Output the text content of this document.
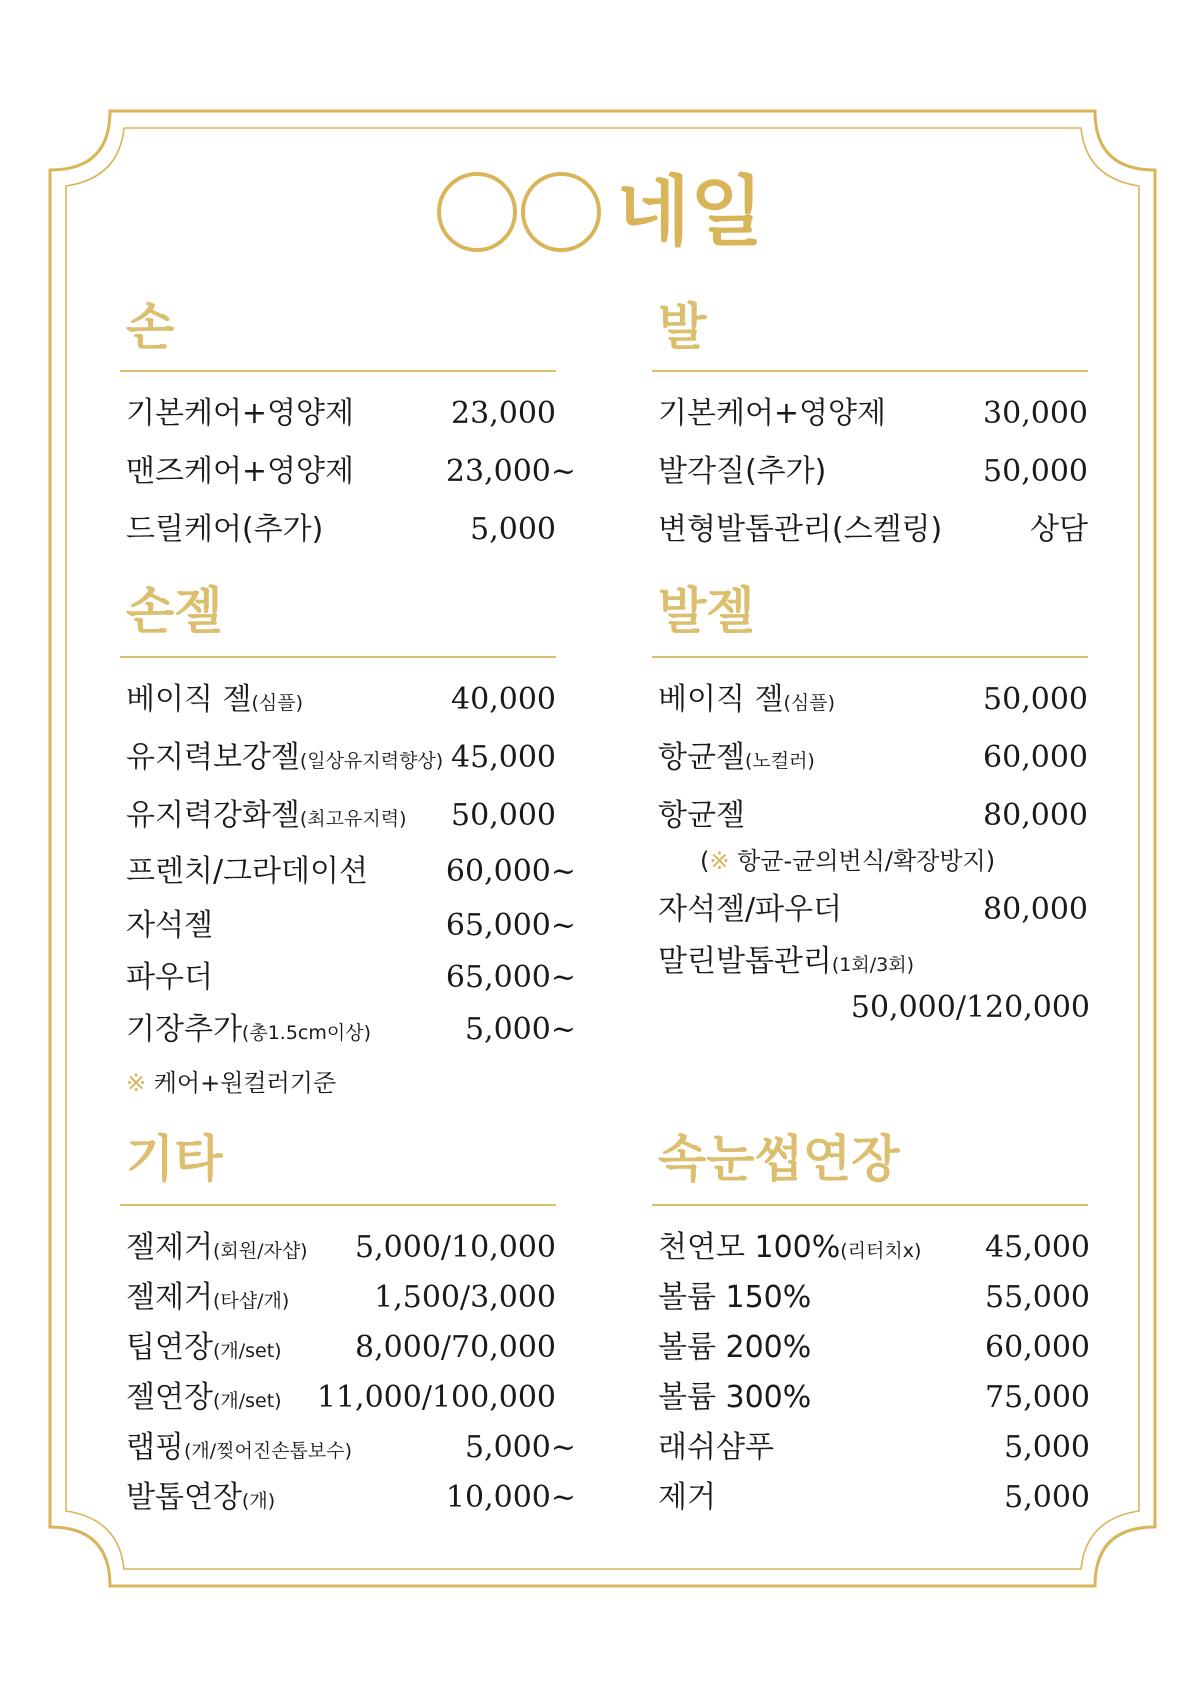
네일
손
기본케어+영양제	23,000
맨즈케어+영양제	23,000~
드릴케어(추가)	5,000
발
기본케어+영양제	30,000
발각질(추가)	50,000
변형발톱관리(스켈링)	상담
손젤
베이직 젤(심플)	40,000
유지력보강젤(일상유지력향상) 45,000
유지력강화젤(최고유지력) 50,000
프렌치/그라데이션	60,000~
자석젤	65,000~
파우더	65,000~
기장추가(총1.5cm이상)	5,000~
※ 케어+원컬러기준
발젤
베이직 젤(심플)	50,000
항균젤(노컬러)	60,000
항균젤	80,000
(※ 항균-균의번식/확장방지)
자석젤/파우더	80,000
말린발톱관리(1회/3회)
50,000/120,000
기타
젤제거(회원/자샵) 5,000/10,000
젤제거(타샵/개)	1,500/3,000
팁연장(개/set) 8,000/70,000
젤연장(개/set) 11,000/100,000
랩핑(개/찢어진손톱보수)	5,000~
발톱연장(개)	10,000~
속눈썹연장
천연모 100%(리터치x) 45,000
볼륨 150%	55,000
볼륨 200%	60,000
볼륨 300%	75,000
래쉬샴푸	5,000
제거	5,000
